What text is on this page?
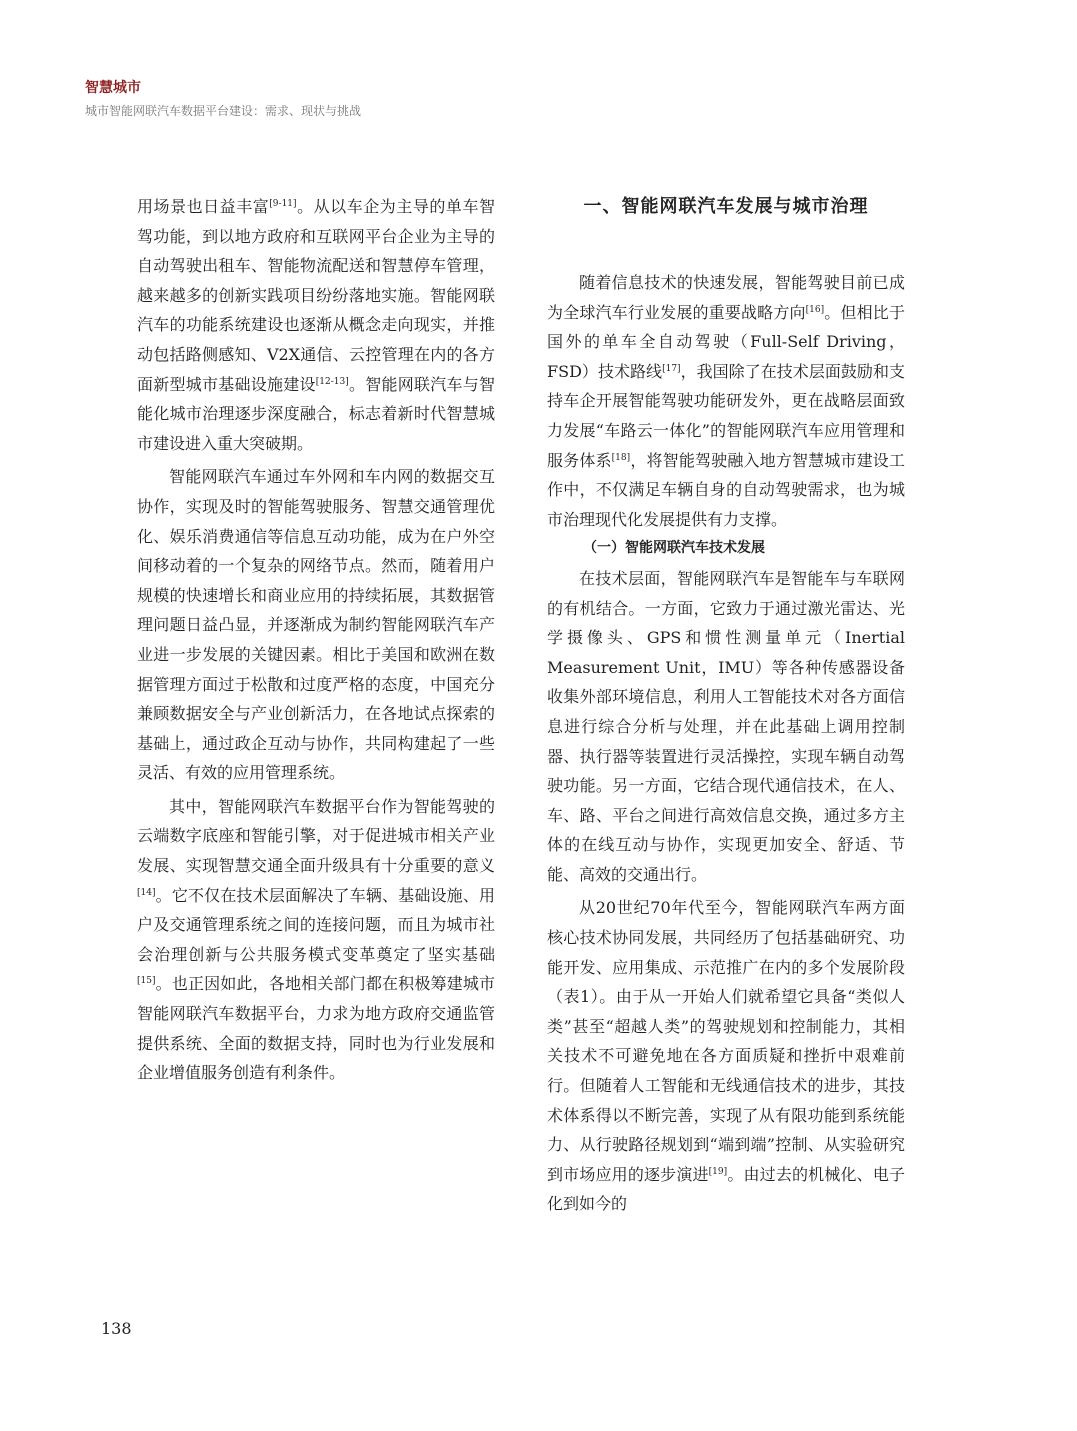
智慧城市
城市智能网联汽车数据平台建设：需求、现状与挑战

用场景也日益丰富[9-11]。从以车企为主导的单车智驾功能，到以地方政府和互联网平台企业为主导的自动驾驶出租车、智能物流配送和智慧停车管理，越来越多的创新实践项目纷纷落地实施。智能网联汽车的功能系统建设也逐渐从概念走向现实，并推动包括路侧感知、V2X通信、云控管理在内的各方面新型城市基础设施建设[12-13]。智能网联汽车与智能化城市治理逐步深度融合，标志着新时代智慧城市建设进入重大突破期。

智能网联汽车通过车外网和车内网的数据交互协作，实现及时的智能驾驶服务、智慧交通管理优化、娱乐消费通信等信息互动功能，成为在户外空间移动着的一个复杂的网络节点。然而，随着用户规模的快速增长和商业应用的持续拓展，其数据管理问题日益凸显，并逐渐成为制约智能网联汽车产业进一步发展的关键因素。相比于美国和欧洲在数据管理方面过于松散和过度严格的态度，中国充分兼顾数据安全与产业创新活力，在各地试点探索的基础上，通过政企互动与协作，共同构建起了一些灵活、有效的应用管理系统。

其中，智能网联汽车数据平台作为智能驾驶的云端数字底座和智能引擎，对于促进城市相关产业发展、实现智慧交通全面升级具有十分重要的意义[14]。它不仅在技术层面解决了车辆、基础设施、用户及交通管理系统之间的连接问题，而且为城市社会治理创新与公共服务模式变革奠定了坚实基础[15]。也正因如此，各地相关部门都在积极筹建城市智能网联汽车数据平台，力求为地方政府交通监管提供系统、全面的数据支持，同时也为行业发展和企业增值服务创造有利条件。

一、智能网联汽车发展与城市治理

随着信息技术的快速发展，智能驾驶目前已成为全球汽车行业发展的重要战略方向[16]。但相比于国外的单车全自动驾驶（Full-Self Driving，FSD）技术路线[17]，我国除了在技术层面鼓励和支持车企开展智能驾驶功能研发外，更在战略层面致力发展“车路云一体化”的智能网联汽车应用管理和服务体系[18]，将智能驾驶融入地方智慧城市建设工作中，不仅满足车辆自身的自动驾驶需求，也为城市治理现代化发展提供有力支撑。

（一）智能网联汽车技术发展

在技术层面，智能网联汽车是智能车与车联网的有机结合。一方面，它致力于通过激光雷达、光学摄像头、GPS和惯性测量单元（Inertial Measurement Unit，IMU）等各种传感器设备收集外部环境信息，利用人工智能技术对各方面信息进行综合分析与处理，并在此基础上调用控制器、执行器等装置进行灵活操控，实现车辆自动驾驶功能。另一方面，它结合现代通信技术，在人、车、路、平台之间进行高效信息交换，通过多方主体的在线互动与协作，实现更加安全、舒适、节能、高效的交通出行。

从20世纪70年代至今，智能网联汽车两方面核心技术协同发展，共同经历了包括基础研究、功能开发、应用集成、示范推广在内的多个发展阶段（表1）。由于从一开始人们就希望它具备“类似人类”甚至“超越人类”的驾驶规划和控制能力，其相关技术不可避免地在各方面质疑和挫折中艰难前行。但随着人工智能和无线通信技术的进步，其技术体系得以不断完善，实现了从有限功能到系统能力、从行驶路径规划到“端到端”控制、从实验研究到市场应用的逐步演进[19]。由过去的机械化、电子化到如今的

138
